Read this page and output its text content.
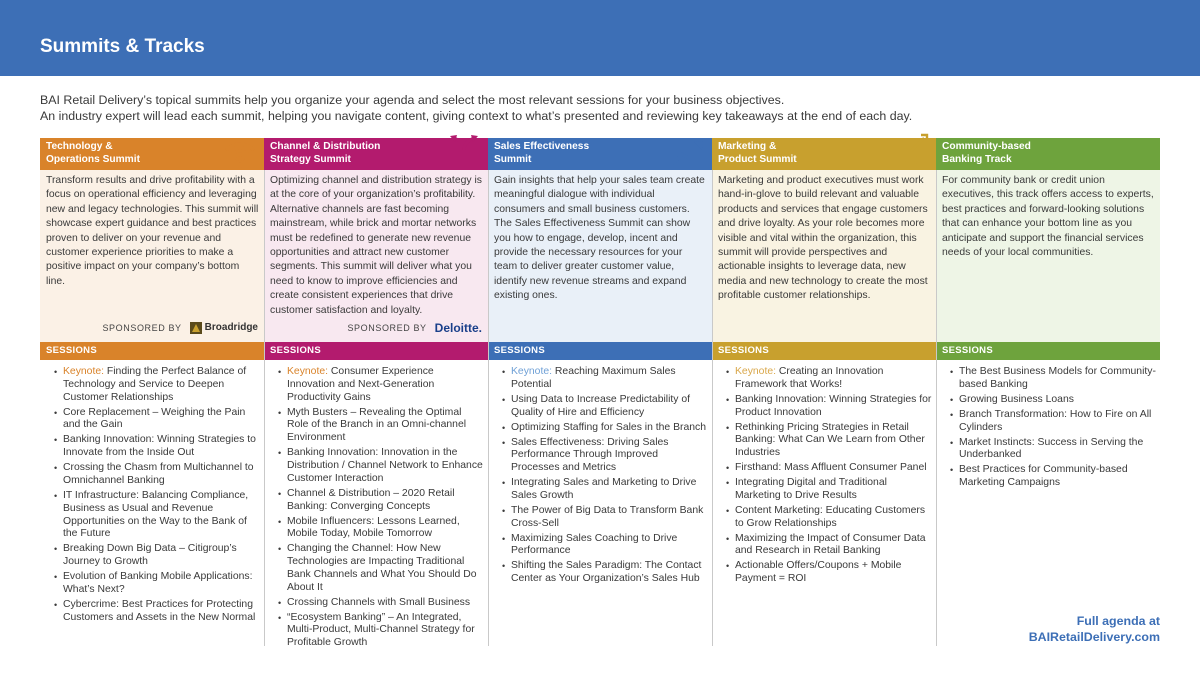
Summits & Tracks
BAI Retail Delivery’s topical summits help you organize your agenda and select the most relevant sessions for your business objectives.
An industry expert will lead each summit, helping you navigate content, giving context to what’s presented and reviewing key takeaways at the end of each day.
Technology &
Operations Summit
Transform results and drive profitability with a focus on operational efficiency and leveraging new and legacy technologies. This summit will showcase expert guidance and best practices proven to deliver on your revenue and customer experience priorities to make a positive impact on your company’s bottom line.
SPONSORED BY Broadridge
SESSIONS
• Keynote: Finding the Perfect Balance of Technology and Service to Deepen Customer Relationships
• Core Replacement – Weighing the Pain and the Gain
• Banking Innovation: Winning Strategies to Innovate from the Inside Out
• Crossing the Chasm from Multichannel to Omnichannel Banking
• IT Infrastructure: Balancing Compliance, Business as Usual and Revenue Opportunities on the Way to the Bank of the Future
• Breaking Down Big Data – Citigroup’s Journey to Growth
• Evolution of Banking Mobile Applications: What’s Next?
• Cybercrime: Best Practices for Protecting Customers and Assets in the New Normal
Channel & Distribution
Strategy Summit
Optimizing channel and distribution strategy is at the core of your organization’s profitability. Alternative channels are fast becoming mainstream, while brick and mortar networks must be redefined to generate new revenue opportunities and attract new customer segments. This summit will deliver what you need to know to improve efficiencies and create consistent experiences that drive customer satisfaction and loyalty.
SPONSORED BY Deloitte.
SESSIONS
• Keynote: Consumer Experience Innovation and Next-Generation Productivity Gains
• Myth Busters – Revealing the Optimal Role of the Branch in an Omni-channel Environment
• Banking Innovation: Innovation in the Distribution / Channel Network to Enhance Customer Interaction
• Channel & Distribution – 2020 Retail Banking: Converging Concepts
• Mobile Influencers: Lessons Learned, Mobile Today, Mobile Tomorrow
• Changing the Channel: How New Technologies are Impacting Traditional Bank Channels and What You Should Do About It
• Crossing Channels with Small Business
• “Ecosystem Banking” – An Integrated, Multi-Product, Multi-Channel Strategy for Profitable Growth
Sales Effectiveness
Summit
Gain insights that help your sales team create meaningful dialogue with individual consumers and small business customers. The Sales Effectiveness Summit can show you how to engage, develop, incent and provide the necessary resources for your team to deliver greater customer value, identify new revenue streams and expand existing ones.
SESSIONS
• Keynote: Reaching Maximum Sales Potential
• Using Data to Increase Predictability of Quality of Hire and Efficiency
• Optimizing Staffing for Sales in the Branch
• Sales Effectiveness: Driving Sales Performance Through Improved Processes and Metrics
• Integrating Sales and Marketing to Drive Sales Growth
• The Power of Big Data to Transform Bank Cross-Sell
• Maximizing Sales Coaching to Drive Performance
• Shifting the Sales Paradigm: The Contact Center as Your Organization’s Sales Hub
Marketing &
Product Summit
Marketing and product executives must work hand-in-glove to build relevant and valuable products and services that engage customers and drive loyalty. As your role becomes more visible and vital within the organization, this summit will provide perspectives and actionable insights to leverage data, new media and new technology to create the most profitable customer relationships.
SESSIONS
• Keynote: Creating an Innovation Framework that Works!
• Banking Innovation: Winning Strategies for Product Innovation
• Rethinking Pricing Strategies in Retail Banking: What Can We Learn from Other Industries
• Firsthand: Mass Affluent Consumer Panel
• Integrating Digital and Traditional Marketing to Drive Results
• Content Marketing: Educating Customers to Grow Relationships
• Maximizing the Impact of Consumer Data and Research in Retail Banking
• Actionable Offers/Coupons + Mobile Payment = ROI
Community-based
Banking Track
For community bank or credit union executives, this track offers access to experts, best practices and forward-looking solutions that can enhance your bottom line as you anticipate and support the financial services needs of your local communities.
SESSIONS
• The Best Business Models for Community-based Banking
• Growing Business Loans
• Branch Transformation: How to Fire on All Cylinders
• Market Instincts: Success in Serving the Underbanked
• Best Practices for Community-based Marketing Campaigns
Full agenda at
BAIRetailDelivery.com
